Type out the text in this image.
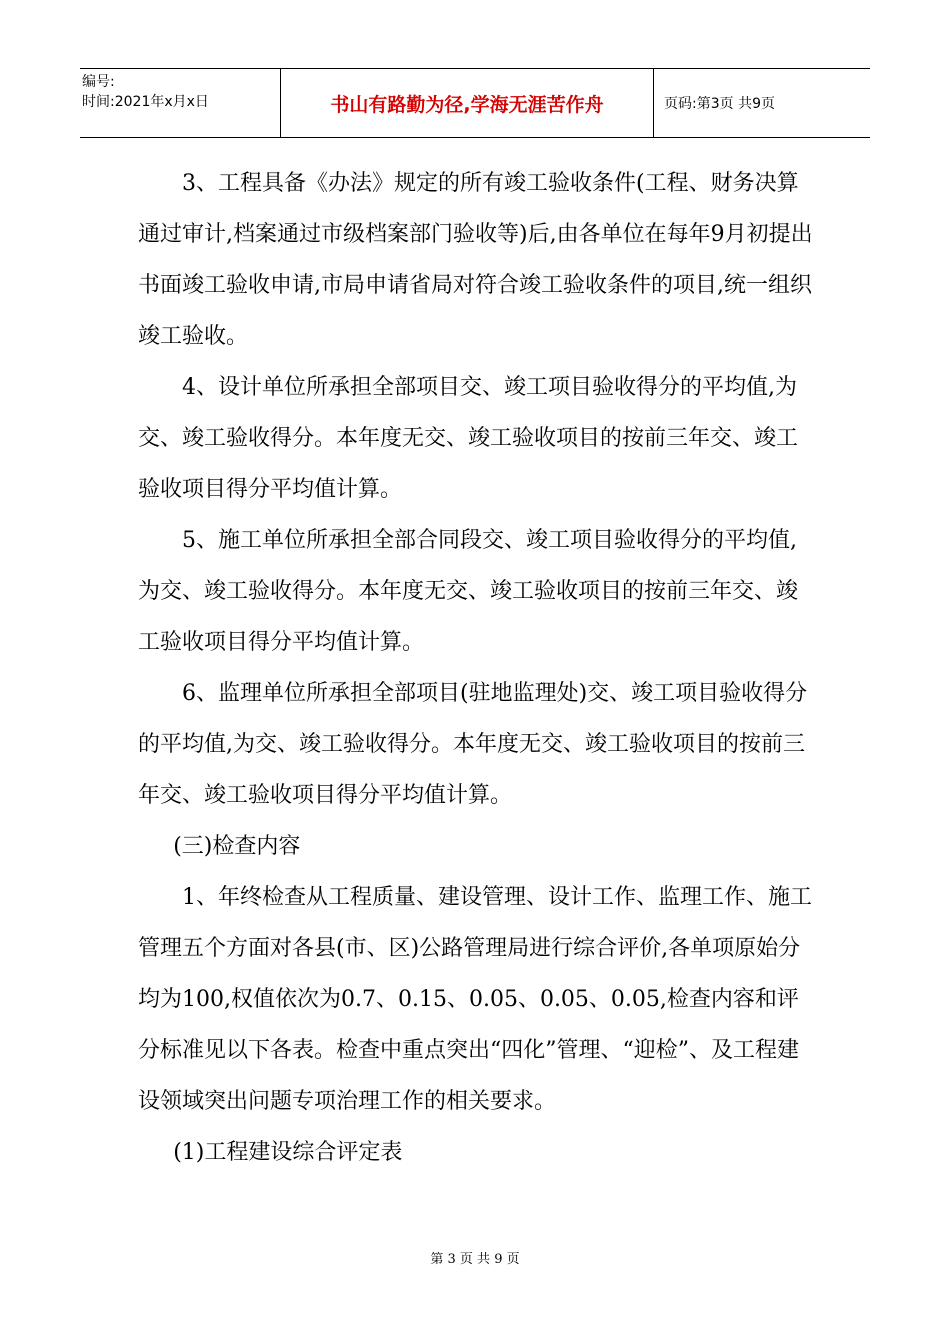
编号:
时间:2021年x月x日	书山有路勤为径,学海无涯苦作舟	页码:第3页 共9页

3、工程具备《办法》规定的所有竣工验收条件(工程、财务决算通过审计,档案通过市级档案部门验收等)后,由各单位在每年9月初提出书面竣工验收申请,市局申请省局对符合竣工验收条件的项目,统一组织竣工验收。

4、设计单位所承担全部项目交、竣工项目验收得分的平均值,为交、竣工验收得分。本年度无交、竣工验收项目的按前三年交、竣工验收项目得分平均值计算。

5、施工单位所承担全部合同段交、竣工项目验收得分的平均值,为交、竣工验收得分。本年度无交、竣工验收项目的按前三年交、竣工验收项目得分平均值计算。

6、监理单位所承担全部项目(驻地监理处)交、竣工项目验收得分的平均值,为交、竣工验收得分。本年度无交、竣工验收项目的按前三年交、竣工验收项目得分平均值计算。

(三)检查内容

1、年终检查从工程质量、建设管理、设计工作、监理工作、施工管理五个方面对各县(市、区)公路管理局进行综合评价,各单项原始分均为100,权值依次为0.7、0.15、0.05、0.05、0.05,检查内容和评分标准见以下各表。检查中重点突出“四化”管理、“迎检”、及工程建设领域突出问题专项治理工作的相关要求。

(1)工程建设综合评定表

第 3 页 共 9 页
